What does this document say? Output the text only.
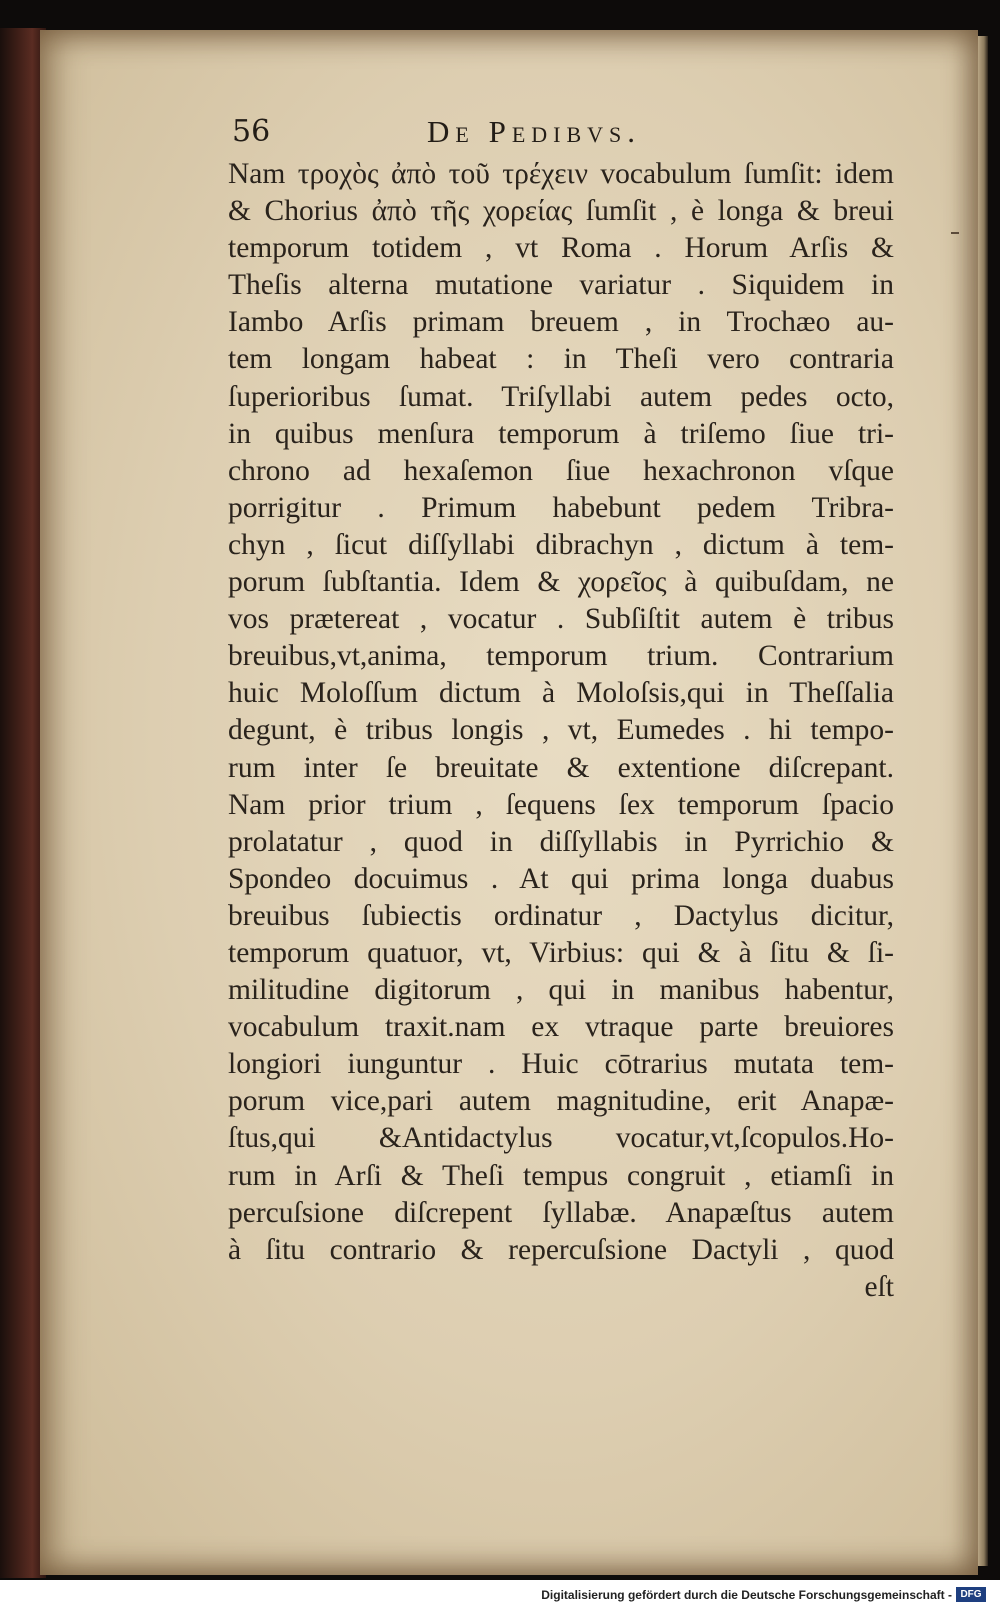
56	De Pedibvs.
Nam τροχὸς ἀπὸ τοῦ τρέχειν vocabulum ſumſit: idem
& Chorius ἀπὸ τῆς χορείας ſumſit , è longa & breui
temporum totidem , vt Roma . Horum Arſis &
Theſis alterna mutatione variatur . Siquidem in
Iambo Arſis primam breuem , in Trochæo au-
tem longam habeat : in Theſi vero contraria
ſuperioribus ſumat. Triſyllabi autem pedes octo,
in quibus menſura temporum à triſemo ſiue tri-
chrono ad hexaſemon ſiue hexachronon vſque
porrigitur . Primum habebunt pedem Tribra-
chyn , ſicut diſſyllabi dibrachyn , dictum à tem-
porum ſubſtantia. Idem & χορεῖος à quibuſdam, ne
vos prætereat , vocatur . Subſiſtit autem è tribus
breuibus,vt,anima, temporum trium. Contrarium
huic Moloſſum dictum à Moloſsis,qui in Theſſalia
degunt, è tribus longis , vt, Eumedes . hi tempo-
rum inter ſe breuitate & extentione diſcrepant.
Nam prior trium , ſequens ſex temporum ſpacio
prolatatur , quod in diſſyllabis in Pyrrichio &
Spondeo docuimus . At qui prima longa duabus
breuibus ſubiectis ordinatur , Dactylus dicitur,
temporum quatuor, vt, Virbius: qui & à ſitu & ſi-
militudine digitorum , qui in manibus habentur,
vocabulum traxit.nam ex vtraque parte breuiores
longiori iunguntur . Huic cōtrarius mutata tem-
porum vice,pari autem magnitudine, erit Anapæ-
ſtus,qui &Antidactylus vocatur,vt,ſcopulos.Ho-
rum in Arſi & Theſi tempus congruit , etiamſi in
percuſsione diſcrepent ſyllabæ. Anapæſtus autem
à ſitu contrario & repercuſsione Dactyli , quod
eſt
Digitalisierung gefördert durch die Deutsche Forschungsgemeinschaft - DFG
